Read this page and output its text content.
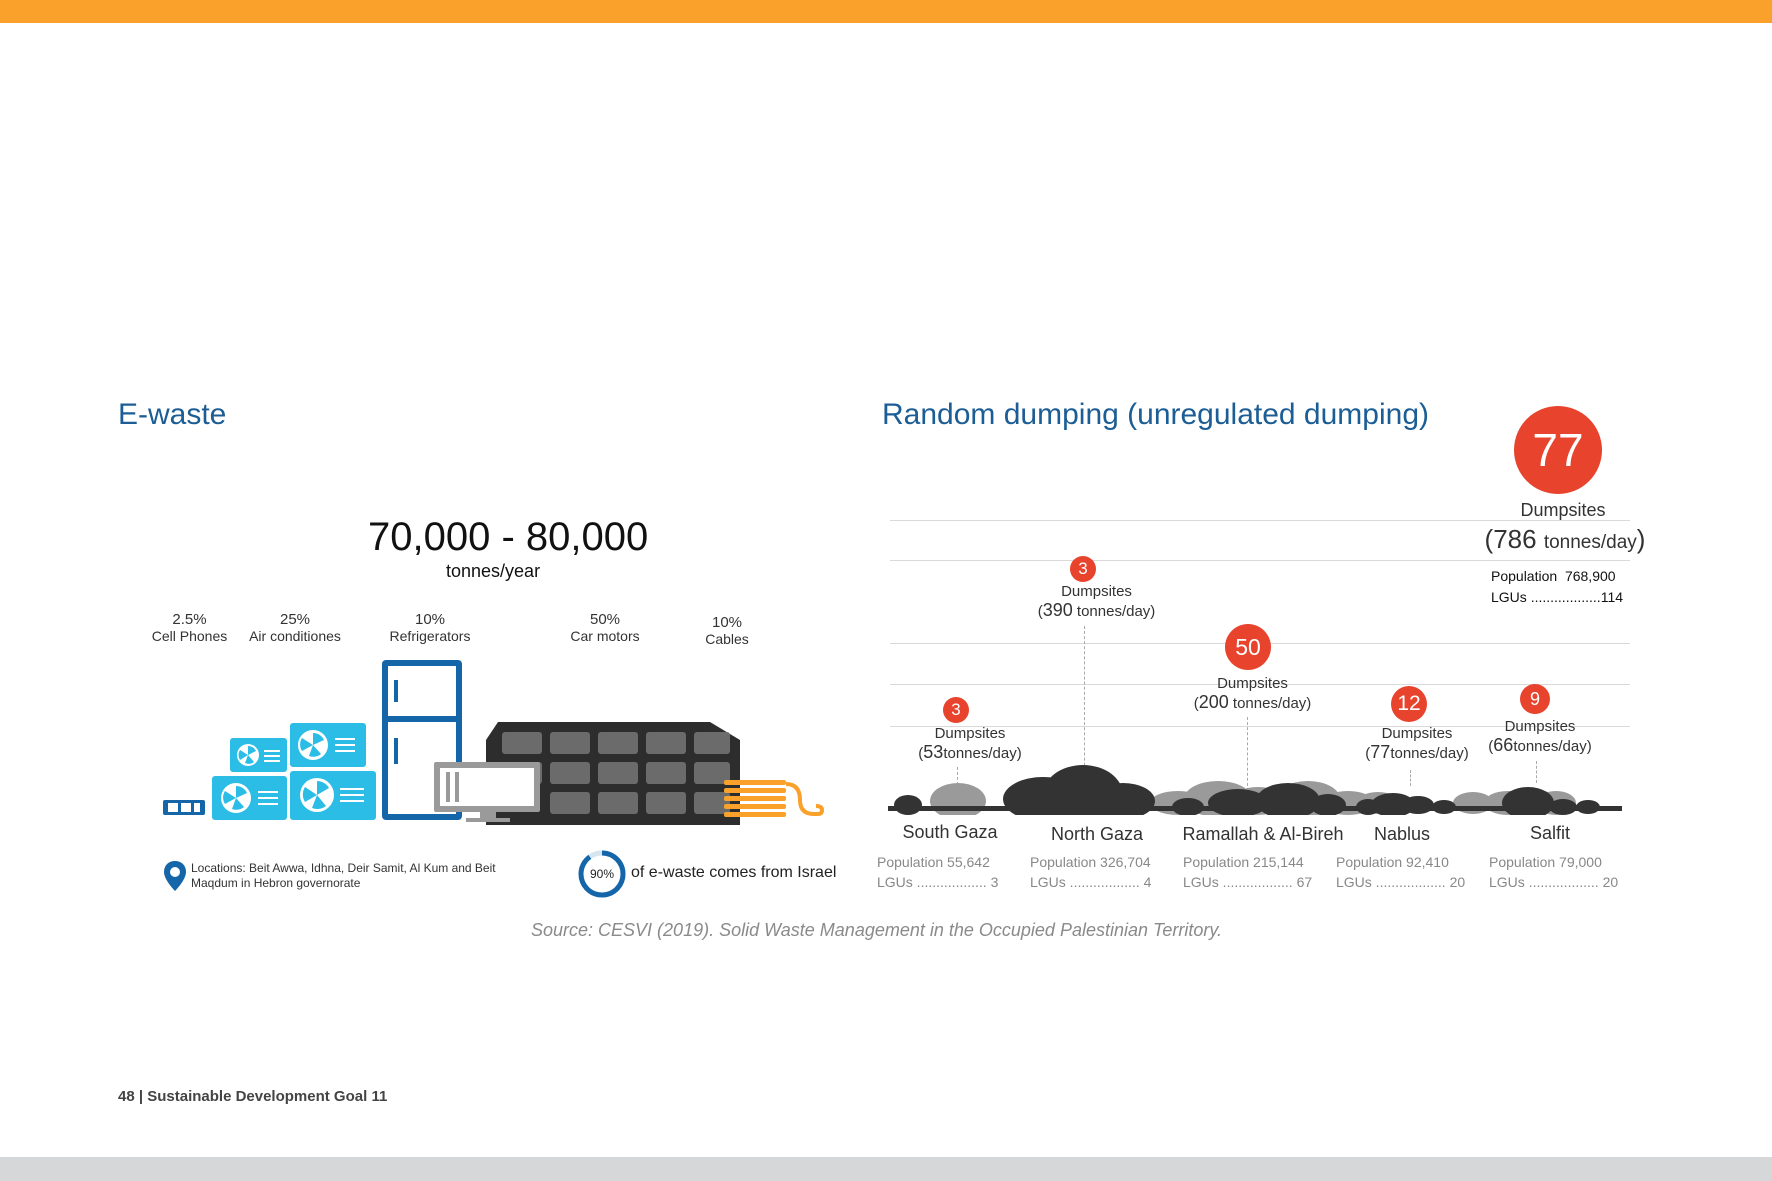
E-waste
70,000 - 80,000
tonnes/year
2.5%
Cell Phones
25%
Air conditiones
10%
Refrigerators
50%
Car motors
10%
Cables
Locations: Beit Awwa, Idhna, Deir Samit, Al Kum and Beit Maqdum in Hebron governorate
90% of e-waste comes from Israel
Random dumping (unregulated dumping)
77
Dumpsites
(786 tonnes/day)
Population 768,900
LGUs ..................114
3
Dumpsites
(53tonnes/day)
3
Dumpsites
(390 tonnes/day)
50
Dumpsites
(200 tonnes/day)	12
Dumpsites
(77tonnes/day)
9
Dumpsites
(66tonnes/day)
South Gaza	North Gaza	Ramallah & Al-Bireh	Nablus	Salfit
Population 55,642
LGUs .................. 3
Population 326,704
LGUs .................. 4
Population 215,144
LGUs .................. 67
Population 92,410
LGUs .................. 20
Population 79,000
LGUs .................. 20
Source: CESVI (2019). Solid Waste Management in the Occupied Palestinian Territory.
48 | Sustainable Development Goal 11
